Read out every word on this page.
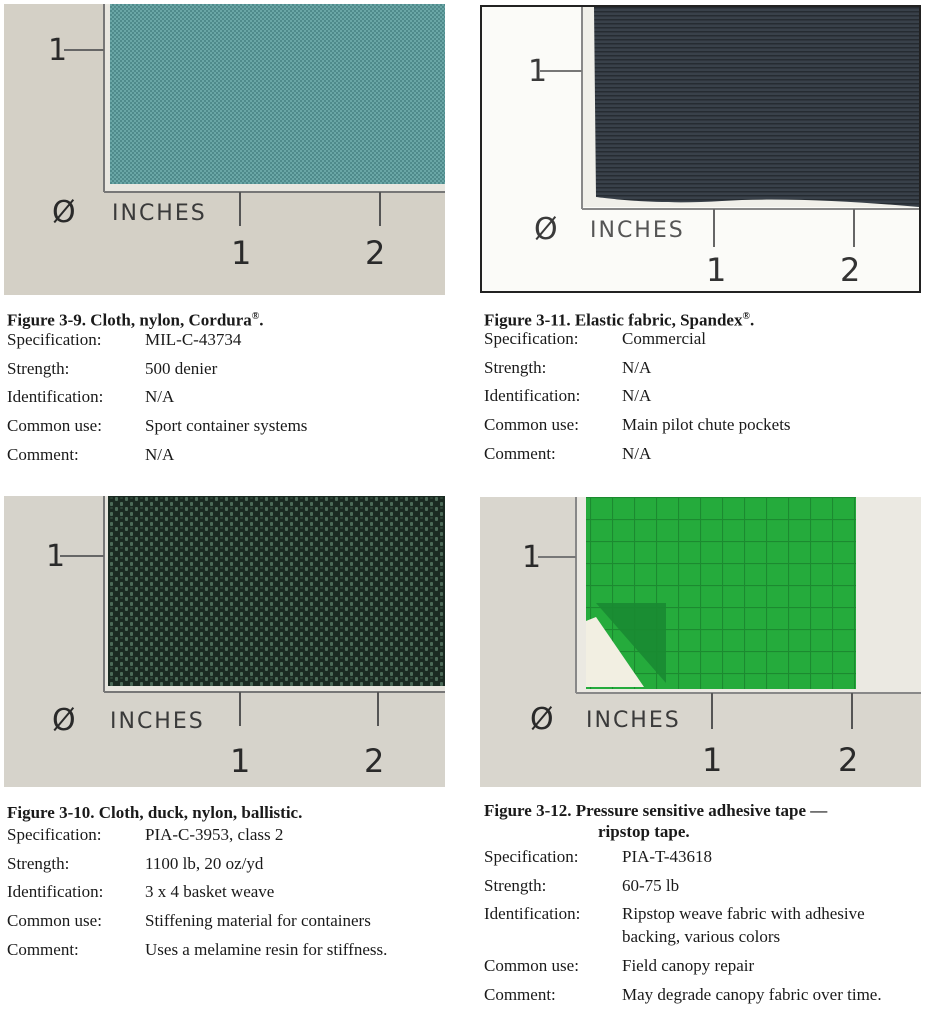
1
Ø INCHES
1	2
Figure 3-9. Cloth, nylon, Cordura®.
Specification:	MIL-C-43734
Strength:	500 denier
Identification:	N/A
Common use:	Sport container systems
Comment:	N/A
1
Ø INCHES
1	2
Figure 3-11. Elastic fabric, Spandex®.
Specification:	Commercial
Strength:	N/A
Identification:	N/A
Common use:	Main pilot chute pockets
Comment:	N/A
1
Ø INCHES
1	2
Figure 3-10. Cloth, duck, nylon, ballistic.
Specification:	PIA-C-3953, class 2
Strength:	1100 lb, 20 oz/yd
Identification:	3 x 4 basket weave
Common use:	Stiffening material for containers
Comment:	Uses a melamine resin for stiffness.
1
Ø INCHES
1	2
Figure 3-12. Pressure sensitive adhesive tape —
ripstop tape.
Specification:	PIA-T-43618
Strength:	60-75 lb
Identification:	Ripstop weave fabric with adhesive backing, various colors
Common use:	Field canopy repair
Comment:	May degrade canopy fabric over time.
